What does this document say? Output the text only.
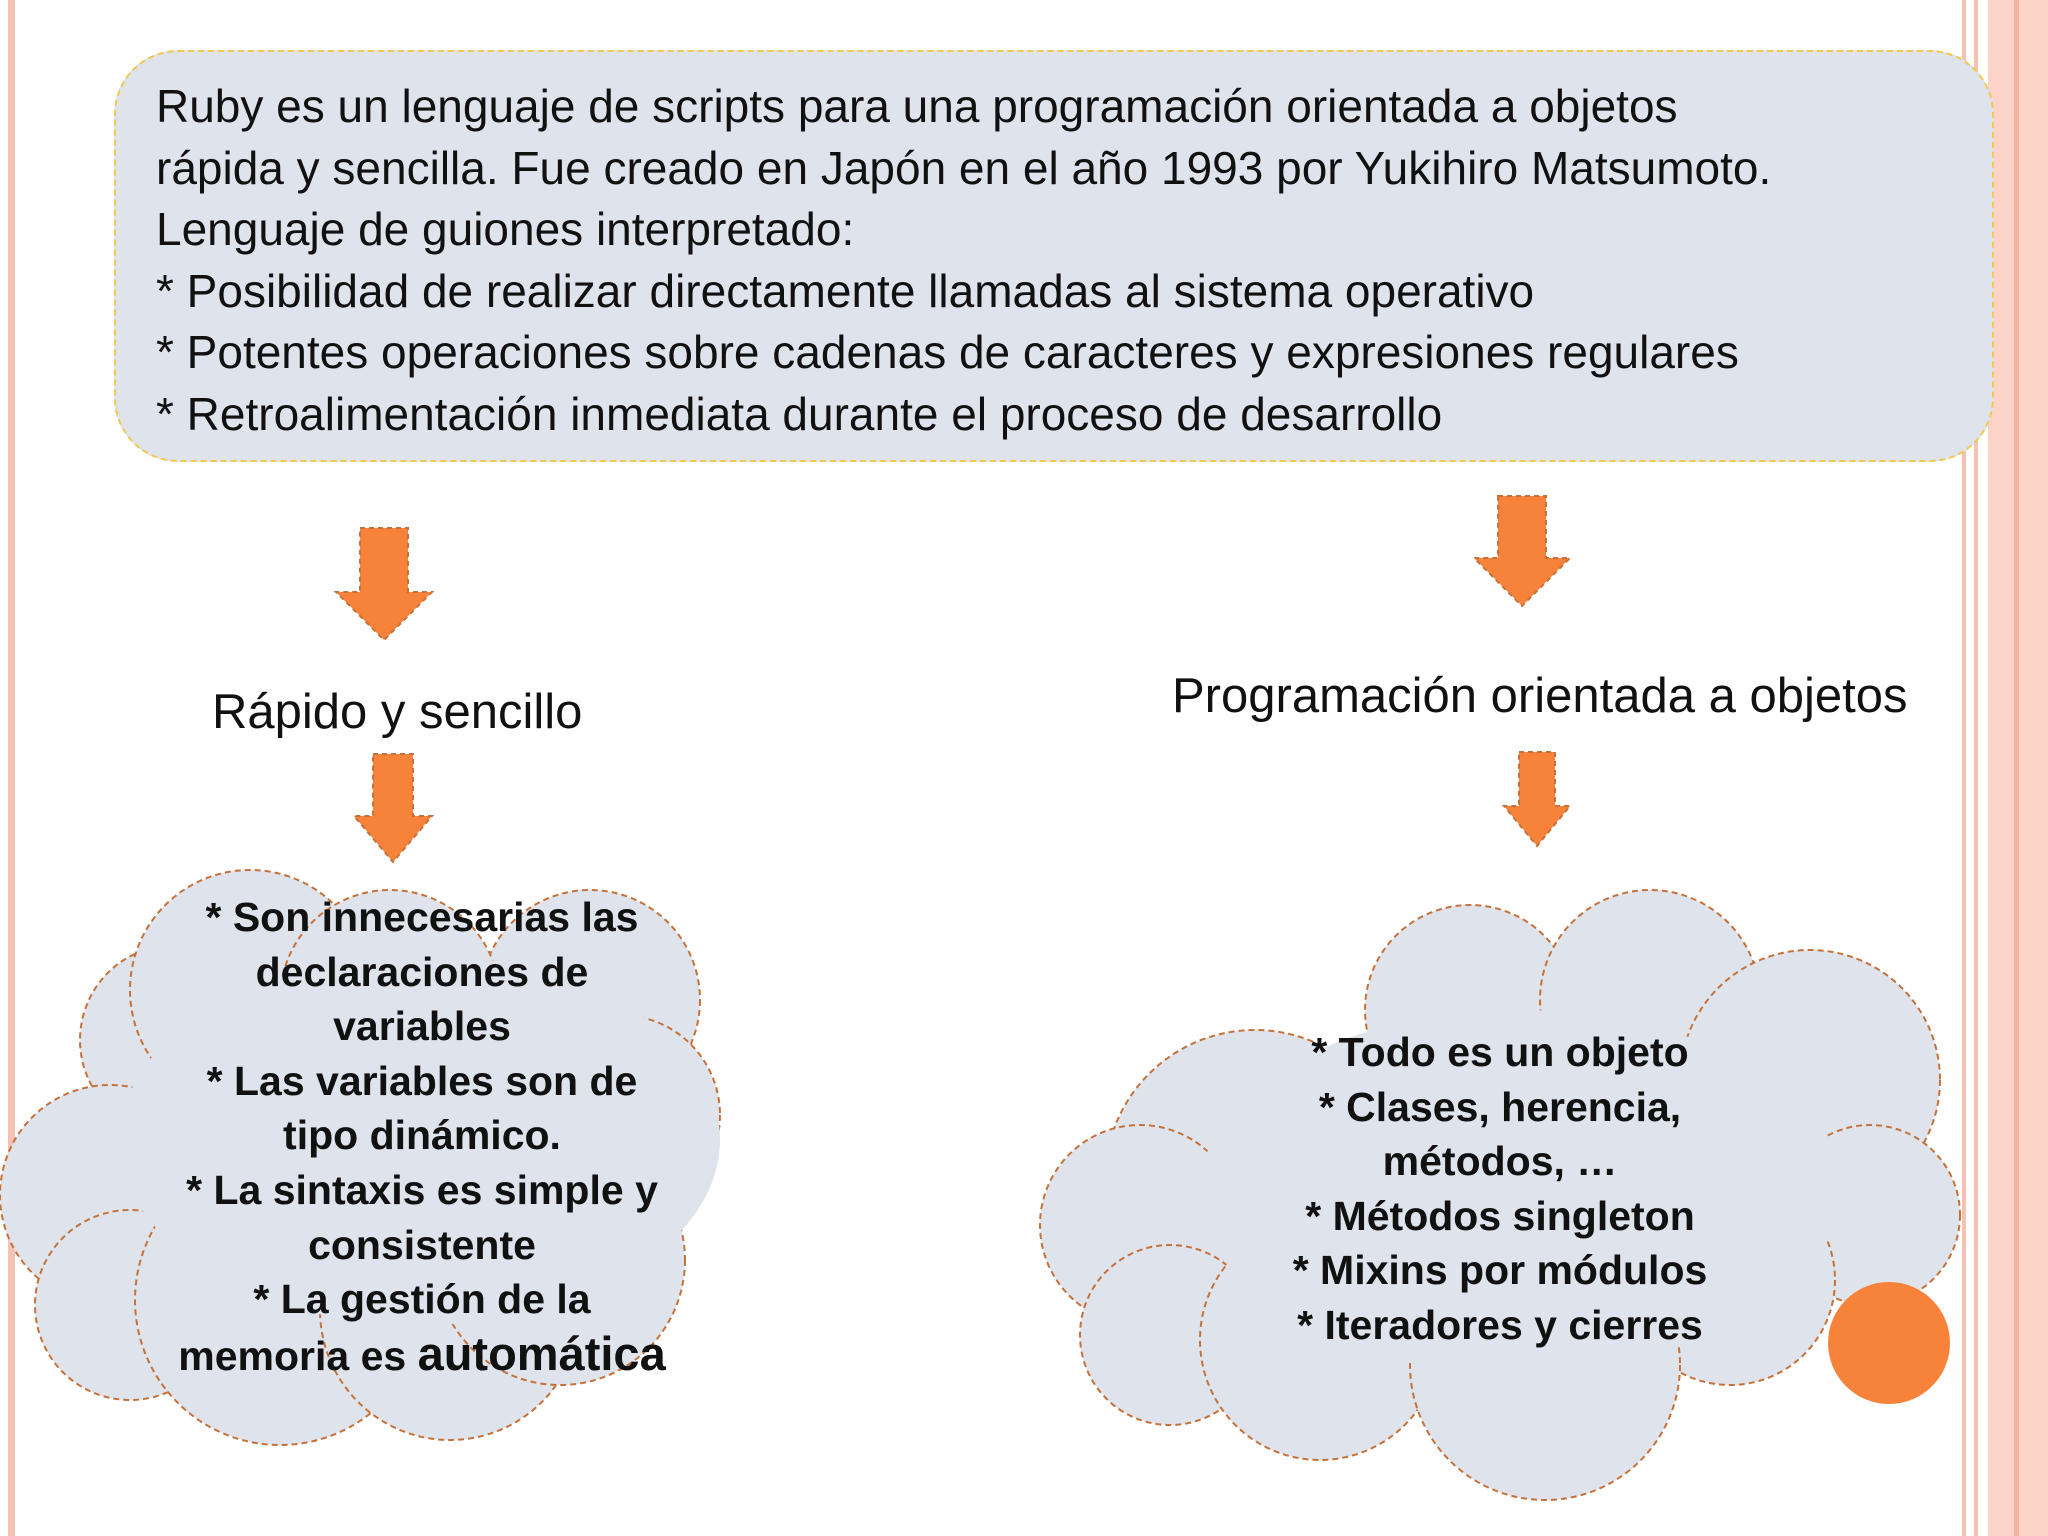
Ruby es un lenguaje de scripts para una programación orientada a objetos
rápida y sencilla. Fue creado en Japón en el año 1993 por Yukihiro Matsumoto.
Lenguaje de guiones interpretado:
* Posibilidad de realizar directamente llamadas al sistema operativo
* Potentes operaciones sobre cadenas de caracteres y expresiones regulares
* Retroalimentación inmediata durante el proceso de desarrollo
Rápido y sencillo	Programación orientada a objetos
* Son innecesarias las
declaraciones de
variables
* Las variables son de
tipo dinámico.
* La sintaxis es simple y
consistente
* La gestión de la
memoria es automática
* Todo es un objeto
* Clases, herencia,
métodos, …
* Métodos singleton
* Mixins por módulos
* Iteradores y cierres
